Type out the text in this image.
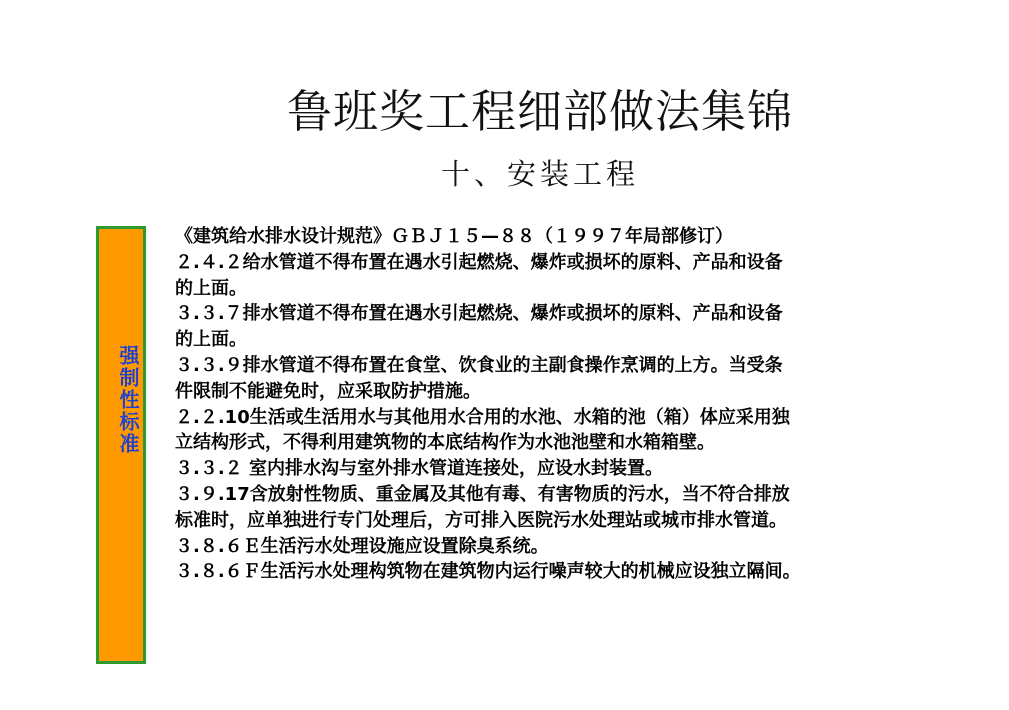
鲁班奖工程细部做法集锦
十、安装工程
强制性标准
《建筑给水排水设计规范》ＧＢＪ１５—８８（１９９７年局部修订）
２.４.２给水管道不得布置在遇水引起燃烧、爆炸或损坏的原料、产品和设备
的上面。
３.３.７排水管道不得布置在遇水引起燃烧、爆炸或损坏的原料、产品和设备
的上面。
３.３.９排水管道不得布置在食堂、饮食业的主副食操作烹调的上方。当受条
件限制不能避免时，应采取防护措施。
２.２.10生活或生活用水与其他用水合用的水池、水箱的池（箱）体应采用独
立结构形式，不得利用建筑物的本底结构作为水池池壁和水箱箱壁。
３.３.２ 室内排水沟与室外排水管道连接处，应设水封装置。
３.９.17含放射性物质、重金属及其他有毒、有害物质的污水，当不符合排放
标准时，应单独进行专门处理后，方可排入医院污水处理站或城市排水管道。
３.８.６Ｅ生活污水处理设施应设置除臭系统。
３.８.６Ｆ生活污水处理构筑物在建筑物内运行噪声较大的机械应设独立隔间。
